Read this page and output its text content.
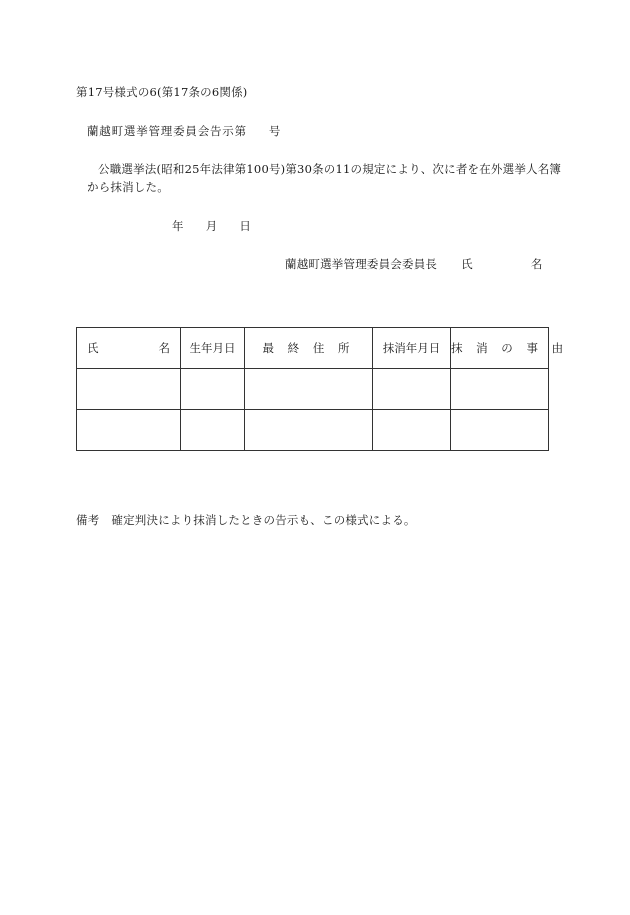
第17号様式の6(第17条の6関係)
蘭越町選挙管理委員会告示第 号
公職選挙法(昭和25年法律第100号)第30条の11の規定により、次に者を在外選挙人名簿
から抹消した。
年 月 日
蘭越町選挙管理委員会委員長 氏	名
氏 名	生年月日	最 終 住 所	抹消年月日	抹 消 の 事 由

備考 確定判決により抹消したときの告示も、この様式による。
